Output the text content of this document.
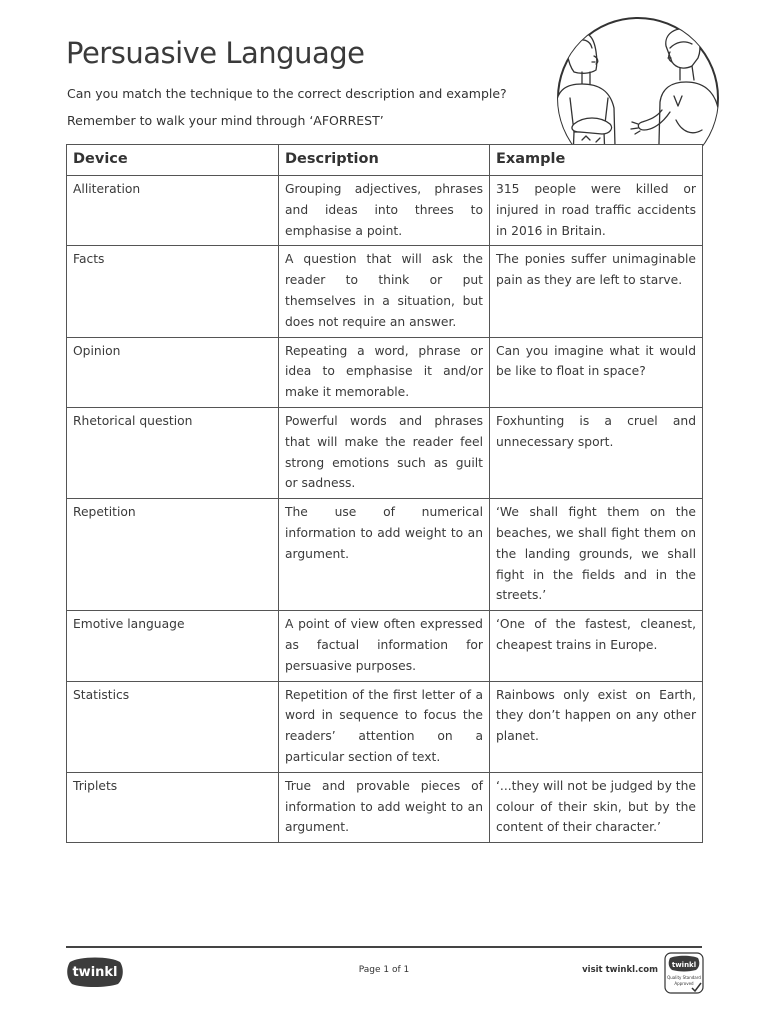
Persuasive Language

Can you match the technique to the correct description and example?

Remember to walk your mind through ‘AFORREST’

Device	Description	Example
Alliteration	Grouping adjectives, phrases and ideas into threes to emphasise a point.	315 people were killed or injured in road traffic accidents in 2016 in Britain.
Facts	A question that will ask the reader to think or put themselves in a situation, but does not require an answer.	The ponies suffer unimaginable pain as they are left to starve.
Opinion	Repeating a word, phrase or idea to emphasise it and/or make it memorable.	Can you imagine what it would be like to float in space?
Rhetorical question	Powerful words and phrases that will make the reader feel strong emotions such as guilt or sadness.	Foxhunting is a cruel and unnecessary sport.
Repetition	The use of numerical information to add weight to an argument.	‘We shall fight them on the beaches, we shall fight them on the landing grounds, we shall fight in the fields and in the streets.’
Emotive language	A point of view often expressed as factual information for persuasive purposes.	‘One of the fastest, cleanest, cheapest trains in Europe.
Statistics	Repetition of the first letter of a word in sequence to focus the readers’ attention on a particular section of text.	Rainbows only exist on Earth, they don’t happen on any other planet.
Triplets	True and provable pieces of information to add weight to an argument.	‘...they will not be judged by the colour of their skin, but by the content of their character.’
twinkl	Page 1 of 1	visit twinkl.com twinkl
Quality Standard
Approved
